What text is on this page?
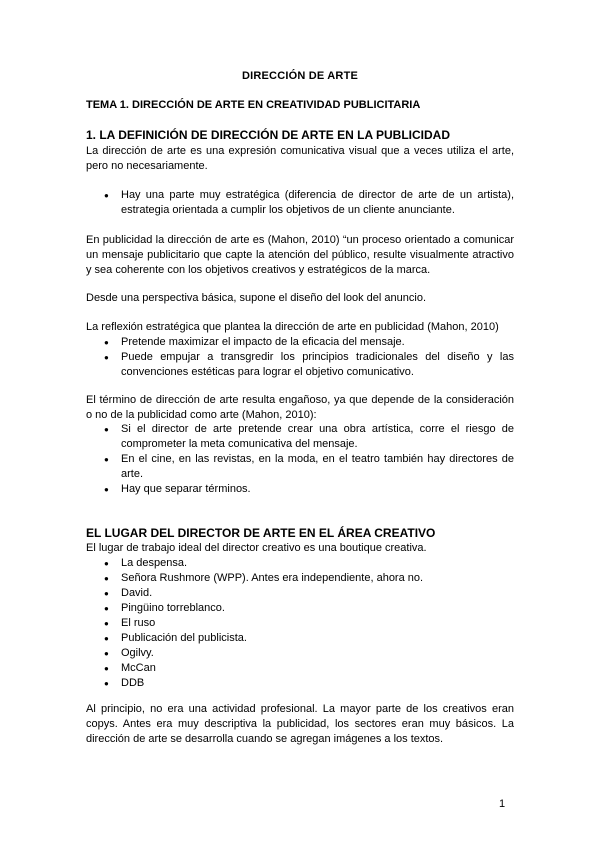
DIRECCIÓN DE ARTE
TEMA 1. DIRECCIÓN DE ARTE EN CREATIVIDAD PUBLICITARIA
1. LA DEFINICIÓN DE DIRECCIÓN DE ARTE EN LA PUBLICIDAD

La dirección de arte es una expresión comunicativa visual que a veces utiliza el arte, pero no necesariamente.

● Hay una parte muy estratégica (diferencia de director de arte de un artista), estrategia orientada a cumplir los objetivos de un cliente anunciante.

En publicidad la dirección de arte es (Mahon, 2010) “un proceso orientado a comunicar un mensaje publicitario que capte la atención del público, resulte visualmente atractivo y sea coherente con los objetivos creativos y estratégicos de la marca.

Desde una perspectiva básica, supone el diseño del look del anuncio.

La reflexión estratégica que plantea la dirección de arte en publicidad (Mahon, 2010)

● Pretende maximizar el impacto de la eficacia del mensaje.
● Puede empujar a transgredir los principios tradicionales del diseño y las convenciones estéticas para lograr el objetivo comunicativo.

El término de dirección de arte resulta engañoso, ya que depende de la consideración o no de la publicidad como arte (Mahon, 2010):

● Si el director de arte pretende crear una obra artística, corre el riesgo de comprometer la meta comunicativa del mensaje.
● En el cine, en las revistas, en la moda, en el teatro también hay directores de arte.
● Hay que separar términos.
EL LUGAR DEL DIRECTOR DE ARTE EN EL ÁREA CREATIVO

El lugar de trabajo ideal del director creativo es una boutique creativa.

● La despensa.
● Señora Rushmore (WPP). Antes era independiente, ahora no.
● David.
● Pingüino torreblanco.
● El ruso
● Publicación del publicista.
● Ogilvy.
● McCan
● DDB

Al principio, no era una actividad profesional. La mayor parte de los creativos eran copys. Antes era muy descriptiva la publicidad, los sectores eran muy básicos. La dirección de arte se desarrolla cuando se agregan imágenes a los textos.

1
